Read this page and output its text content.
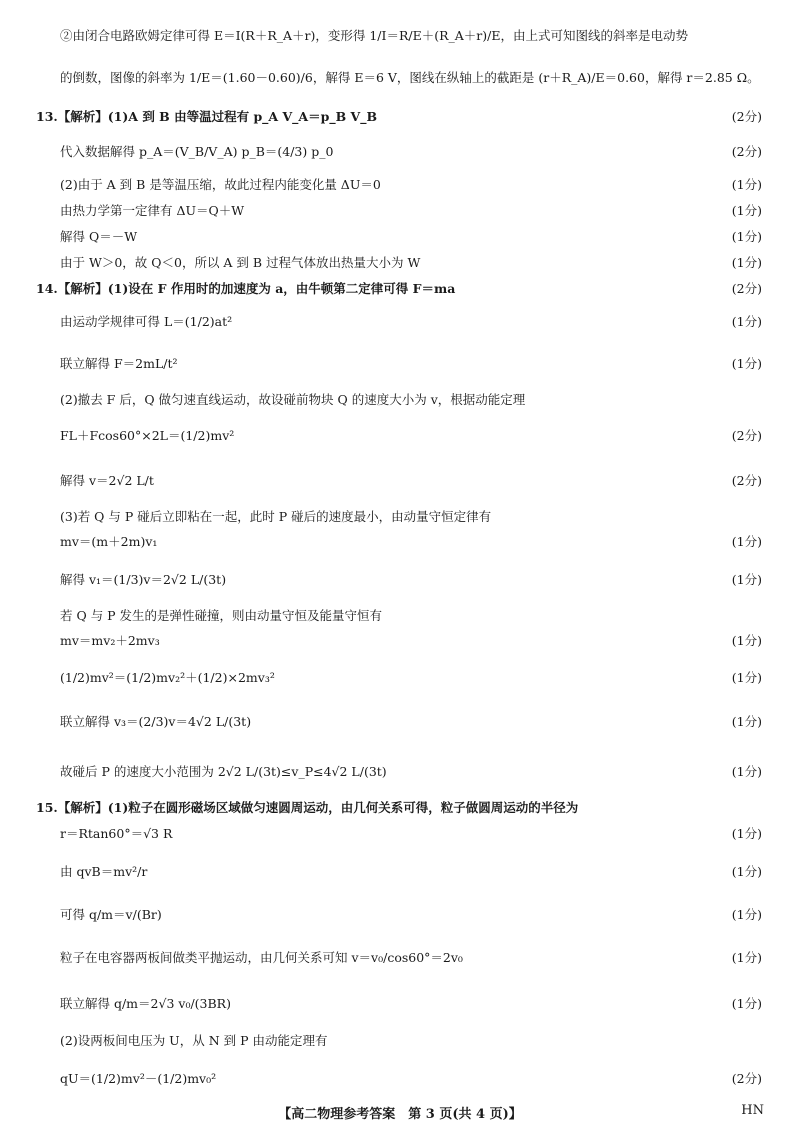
②由闭合电路欧姆定律可得 E＝I(R＋R_A＋r)，变形得 1/I＝R/E＋(R_A＋r)/E，由上式可知图线的斜率是电动势
的倒数，图像的斜率为 1/E＝(1.60－0.60)/6，解得 E＝6 V，图线在纵轴上的截距是 (r＋R_A)/E＝0.60，解得 r＝2.85 Ω。
13.【解析】(1)A 到 B 由等温过程有 p_A V_A＝p_B V_B	(2分)
代入数据解得 p_A＝(V_B/V_A) p_B＝(4/3) p_0	(2分)
(2)由于 A 到 B 是等温压缩，故此过程内能变化量 ΔU＝0	(1分)
由热力学第一定律有 ΔU＝Q＋W	(1分)
解得 Q＝－W	(1分)
由于 W＞0，故 Q＜0，所以 A 到 B 过程气体放出热量大小为 W	(1分)
14.【解析】(1)设在 F 作用时的加速度为 a，由牛顿第二定律可得 F＝ma	(2分)
由运动学规律可得 L＝(1/2)at²	(1分)
联立解得 F＝2mL/t²	(1分)
(2)撤去 F 后，Q 做匀速直线运动，故设碰前物块 Q 的速度大小为 v，根据动能定理
FL＋Fcos60°×2L＝(1/2)mv²	(2分)
解得 v＝2√2 L/t	(2分)
(3)若 Q 与 P 碰后立即粘在一起，此时 P 碰后的速度最小，由动量守恒定律有
mv＝(m＋2m)v₁	(1分)
解得 v₁＝(1/3)v＝2√2 L/(3t)	(1分)
若 Q 与 P 发生的是弹性碰撞，则由动量守恒及能量守恒有
mv＝mv₂＋2mv₃	(1分)
(1/2)mv²＝(1/2)mv₂²＋(1/2)×2mv₃²	(1分)
联立解得 v₃＝(2/3)v＝4√2 L/(3t)	(1分)
故碰后 P 的速度大小范围为 2√2 L/(3t)≤v_P≤4√2 L/(3t)	(1分)
15.【解析】(1)粒子在圆形磁场区域做匀速圆周运动，由几何关系可得，粒子做圆周运动的半径为
r＝Rtan60°＝√3 R	(1分)
由 qvB＝mv²/r	(1分)
可得 q/m＝v/(Br)	(1分)
粒子在电容器两板间做类平抛运动，由几何关系可知 v＝v₀/cos60°＝2v₀	(1分)
联立解得 q/m＝2√3 v₀/(3BR)	(1分)
(2)设两板间电压为 U，从 N 到 P 由动能定理有
qU＝(1/2)mv²－(1/2)mv₀²	(2分)
【高二物理参考答案　第 3 页(共 4 页)】	HN
